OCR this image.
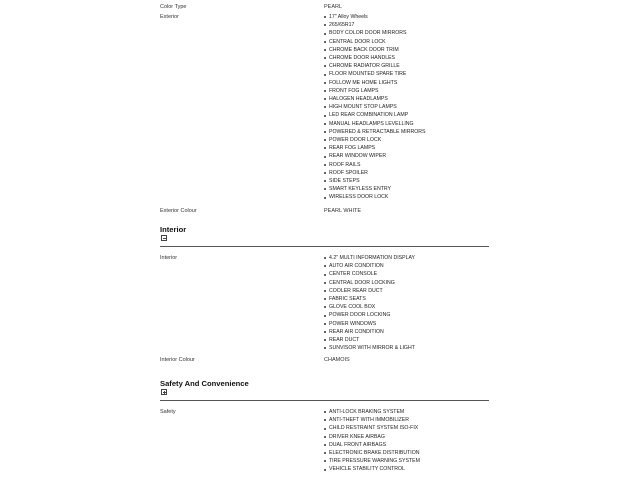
Color Type	PEARL
Exterior	17" Alloy Wheels
265/65R17
BODY COLOR DOOR MIRRORS
CENTRAL DOOR LOCK
CHROME BACK DOOR TRIM
CHROME DOOR HANDLES
CHROME RADIATOR GRILLE
FLOOR MOUNTED SPARE TIRE
FOLLOW ME HOME LIGHTS
FRONT FOG LAMPS
HALOGEN HEADLAMPS
HIGH MOUNT STOP LAMPS
LED REAR COMBINATION LAMP
MANUAL HEADLAMPS LEVELLING
POWERED & RETRACTABLE MIRRORS
POWER DOOR LOCK
REAR FOG LAMPS
REAR WINDOW WIPER
ROOF RAILS
ROOF SPOILER
SIDE STEPS
SMART KEYLESS ENTRY
WIRELESS DOOR LOCK
Exterior Colour	PEARL WHITE
Interior
Interior	4.2" MULTI INFORMATION DISPLAY
AUTO AIR CONDITION
CENTER CONSOLE
CENTRAL DOOR LOCKING
COOLER REAR DUCT
FABRIC SEATS
GLOVE COOL BOX
POWER DOOR LOCKING
POWER WINDOWS
REAR AIR CONDITION
REAR DUCT
SUNVISOR WITH MIRROR & LIGHT
Interior Colour	CHAMOIS
Safety And Convenience
Safety	ANTI-LOCK BRAKING SYSTEM
ANTI-THEFT WITH IMMOBILIZER
CHILD RESTRAINT SYSTEM ISO-FIX
DRIVER KNEE AIRBAG
DUAL FRONT AIRBAGS
ELECTRONIC BRAKE DISTRIBUTION
TIRE PRESSURE WARNING SYSTEM
VEHICLE STABILITY CONTROL
